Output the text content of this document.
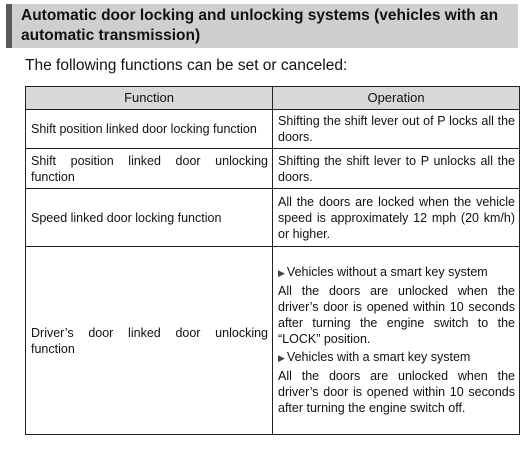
Automatic door locking and unlocking systems (vehicles with an automatic transmission)
The following functions can be set or canceled:
Function	Operation
Shift position linked door locking function	Shifting the shift lever out of P locks all the doors.
Shift position linked door unlocking function	Shifting the shift lever to P unlocks all the doors.
Speed linked door locking function	All the doors are locked when the vehicle speed is approximately 12 mph (20 km/h) or higher.
Driver’s door linked door unlocking function	▶ Vehicles without a smart key system
All the doors are unlocked when the driver’s door is opened within 10 seconds after turning the engine switch to the “LOCK” position.
▶ Vehicles with a smart key system
All the doors are unlocked when the driver’s door is opened within 10 seconds after turning the engine switch off.
